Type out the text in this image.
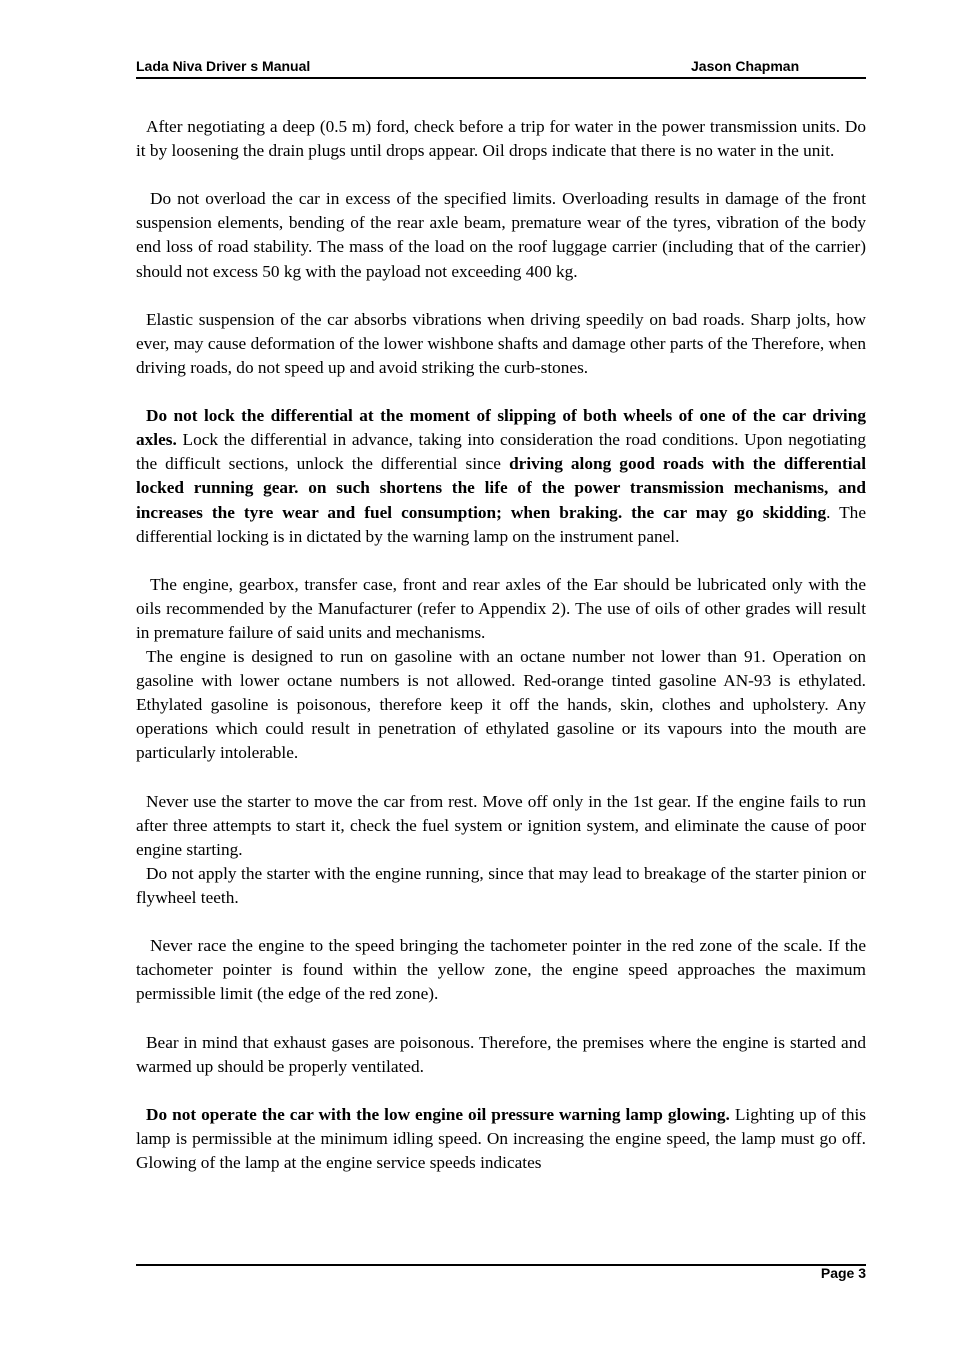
Lada Niva Driver s Manual	Jason Chapman

After negotiating a deep (0.5 m) ford, check before a trip for water in the power transmission units. Do it by loosening the drain plugs until drops appear. Oil drops indicate that there is no water in the unit.

Do not overload the car in excess of the specified limits. Overloading results in damage of the front suspension elements, bending of the rear axle beam, premature wear of the tyres, vibration of the body end loss of road stability. The mass of the load on the roof luggage carrier (including that of the carrier) should not excess 50 kg with the payload not exceeding 400 kg.

Elastic suspension of the car absorbs vibrations when driving speedily on bad roads. Sharp jolts, how ever, may cause deformation of the lower wishbone shafts and damage other parts of the Therefore, when driving roads, do not speed up and avoid striking the curb-stones.

Do not lock the differential at the moment of slipping of both wheels of one of the car driving axles. Lock the differential in advance, taking into consideration the road conditions. Upon negotiating the difficult sections, unlock the differential since driving along good roads with the differential locked running gear. on such shortens the life of the power transmission mechanisms, and increases the tyre wear and fuel consumption; when braking. the car may go skidding. The differential locking is in dictated by the warning lamp on the instrument panel.

The engine, gearbox, transfer case, front and rear axles of the Ear should be lubricated only with the oils recommended by the Manufacturer (refer to Appendix 2). The use of oils of other grades will result in premature failure of said units and mechanisms.

The engine is designed to run on gasoline with an octane number not lower than 91. Operation on gasoline with lower octane numbers is not allowed. Red-orange tinted gasoline AN-93 is ethylated. Ethylated gasoline is poisonous, therefore keep it off the hands, skin, clothes and upholstery. Any operations which could result in penetration of ethylated gasoline or its vapours into the mouth are particularly intolerable.

Never use the starter to move the car from rest. Move off only in the 1st gear. If the engine fails to run after three attempts to start it, check the fuel system or ignition system, and eliminate the cause of poor engine starting.

Do not apply the starter with the engine running, since that may lead to breakage of the starter pinion or flywheel teeth.

Never race the engine to the speed bringing the tachometer pointer in the red zone of the scale. If the tachometer pointer is found within the yellow zone, the engine speed approaches the maximum permissible limit (the edge of the red zone).

Bear in mind that exhaust gases are poisonous. Therefore, the premises where the engine is started and warmed up should be properly ventilated.

Do not operate the car with the low engine oil pressure warning lamp glowing. Lighting up of this lamp is permissible at the minimum idling speed. On increasing the engine speed, the lamp must go off. Glowing of the lamp at the engine service speeds indicates

Page 3
